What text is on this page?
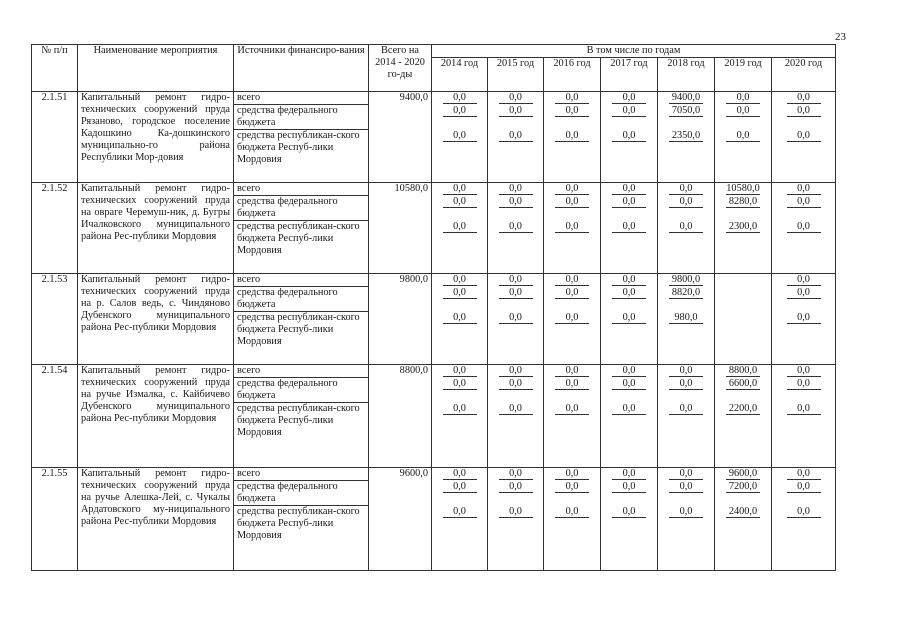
23
№ п/п	Наименование мероприятия	Источники финансиро-вания	Всего на 2014 - 2020 го-ды	В том числе по годам						
				2014 год	2015 год	2016 год	2017 год	2018 год	2019 год	2020 год
2.1.51	Капитальный ремонт гидро-технических сооружений пруда Рязаново, городское поселение Кадошкино Ка-дошкинского муниципально-го района Республики Мор-довия	всего	9400,0	0,0	0,0	0,0	0,0	9400,0	0,0	0,0
		средства федерального бюджета		0,0	0,0	0,0	0,0	7050,0	0,0	0,0
		средства республикан-ского бюджета Респуб-лики Мордовия		0,0	0,0	0,0	0,0	2350,0	0,0	0,0
2.1.52	Капитальный ремонт гидро-технических сооружений пруда на овраге Черемуш-ник, д. Бугры Ичалковского муниципального района Рес-публики Мордовия	всего	10580,0	0,0	0,0	0,0	0,0	0,0	10580,0	0,0
		средства федерального бюджета		0,0	0,0	0,0	0,0	0,0	8280,0	0,0
		средства республикан-ского бюджета Респуб-лики Мордовия		0,0	0,0	0,0	0,0	0,0	2300,0	0,0
2.1.53	Капитальный ремонт гидро-технических сооружений пруда на р. Салов ведь, с. Чиндяново Дубенского муниципального района Рес-публики Мордовия	всего	9800,0	0,0	0,0	0,0	0,0	9800,0		0,0
		средства федерального бюджета		0,0	0,0	0,0	0,0	8820,0		0,0
		средства республикан-ского бюджета Респуб-лики Мордовия		0,0	0,0	0,0	0,0	980,0		0,0
2.1.54	Капитальный ремонт гидро-технических сооружений пруда на ручье Измалка, с. Кайбичево Дубенского муниципального района Рес-публики Мордовия	всего	8800,0	0,0	0,0	0,0	0,0	0,0	8800,0	0,0
		средства федерального бюджета		0,0	0,0	0,0	0,0	0,0	6600,0	0,0
		средства республикан-ского бюджета Респуб-лики Мордовия		0,0	0,0	0,0	0,0	0,0	2200,0	0,0
2.1.55	Капитальный ремонт гидро-технических сооружений пруда на ручье Алешка-Лей, с. Чукалы Ардатовского му-ниципального района Рес-публики Мордовия	всего	9600,0	0,0	0,0	0,0	0,0	0,0	9600,0	0,0
		средства федерального бюджета		0,0	0,0	0,0	0,0	0,0	7200,0	0,0
		средства республикан-ского бюджета Респуб-лики Мордовия		0,0	0,0	0,0	0,0	0,0	2400,0	0,0
